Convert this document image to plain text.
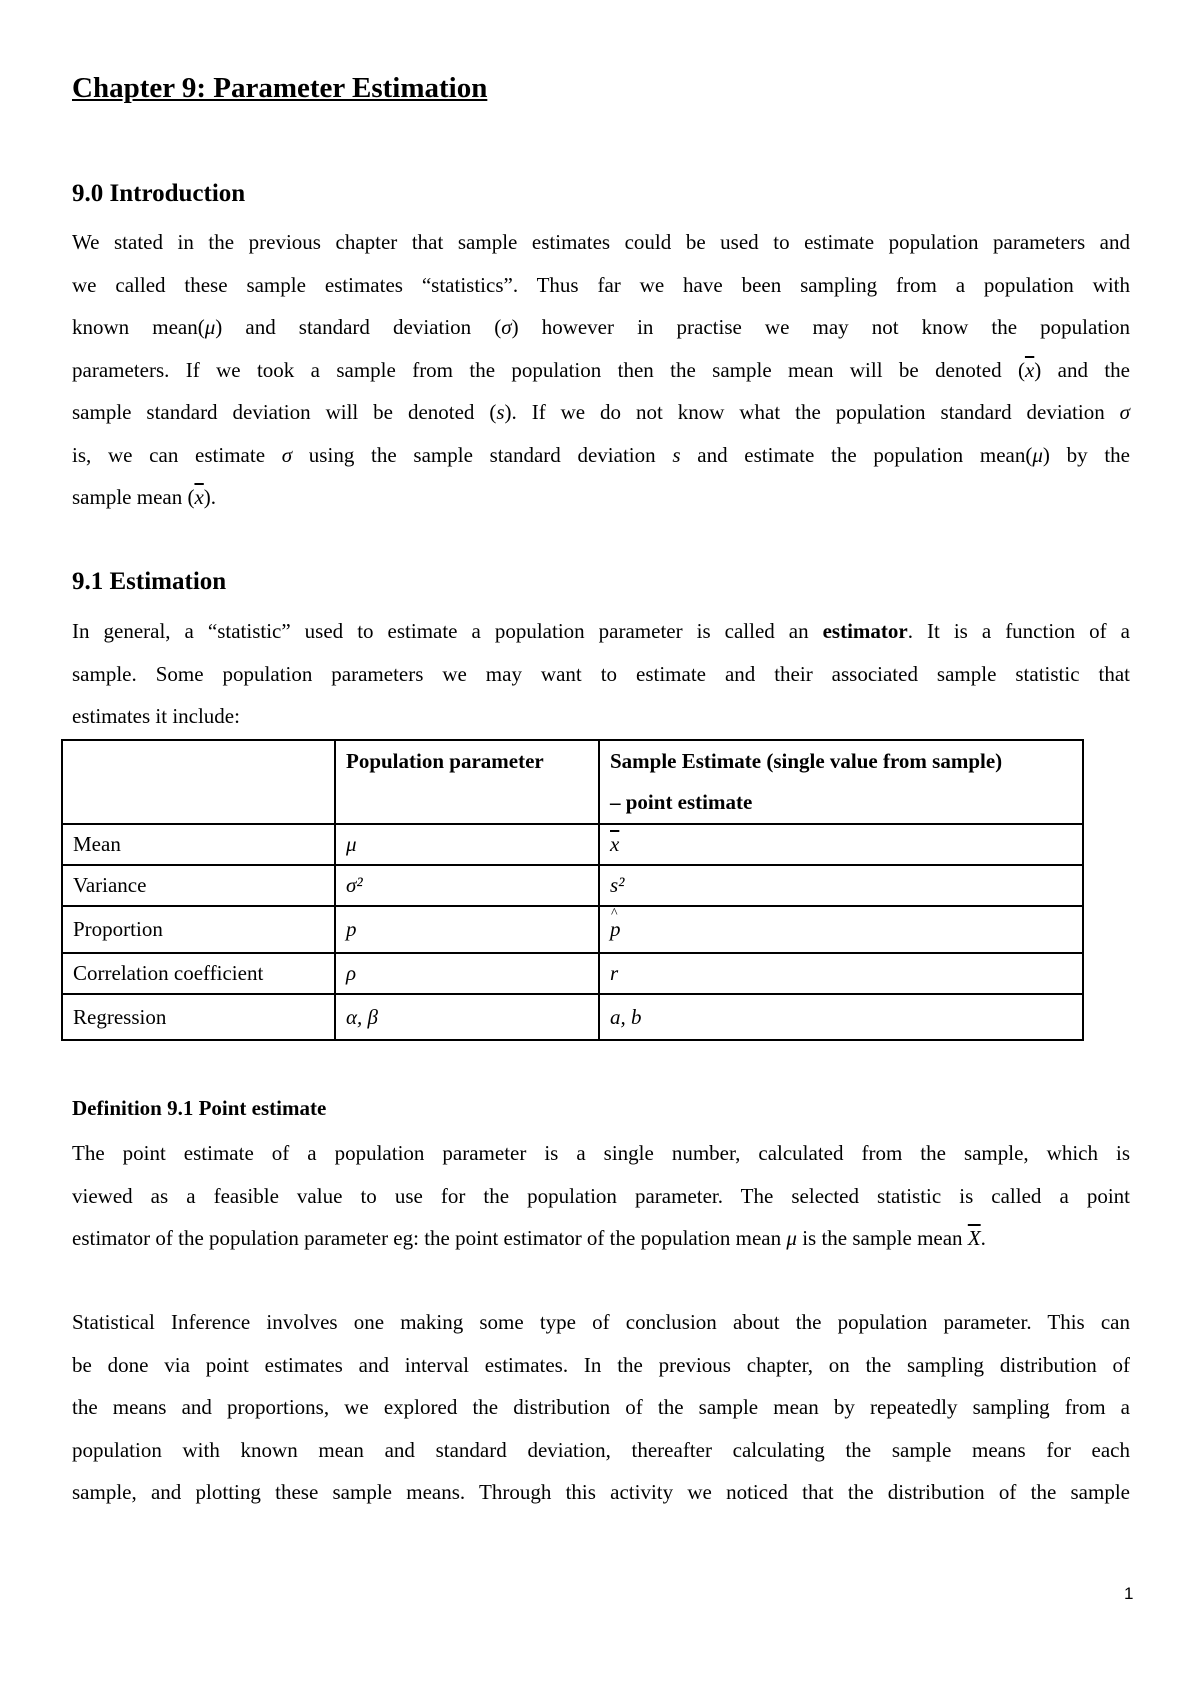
Chapter 9: Parameter Estimation
9.0 Introduction

We stated in the previous chapter that sample estimates could be used to estimate population parameters and
we called these sample estimates “statistics”. Thus far we have been sampling from a population with
known mean(μ) and standard deviation (σ) however in practise we may not know the population
parameters. If we took a sample from the population then the sample mean will be denoted $(\overline{x})$ and the
sample standard deviation will be denoted (s). If we do not know what the population standard deviation σ
is, we can estimate σ using the sample standard deviation s and estimate the population mean(μ) by the
sample mean $(\overline{x})$.

9.1 Estimation

In general, a “statistic” used to estimate a population parameter is called an estimator. It is a function of a
sample. Some population parameters we may want to estimate and their associated sample statistic that
estimates it include:

	Population parameter	Sample Estimate (single value from sample)
– point estimate

Mean	μ	$\overline{x}$
Variance	σ²	s²
Proportion	p	^ p
Correlation coefficient	ρ	r
Regression	α, β	a, b
Definition 9.1 Point estimate

The point estimate of a population parameter is a single number, calculated from the sample, which is
viewed as a feasible value to use for the population parameter. The selected statistic is called a point
estimator of the population parameter eg: the point estimator of the population mean μ is the sample mean $\overline{X}$.

Statistical Inference involves one making some type of conclusion about the population parameter. This can
be done via point estimates and interval estimates. In the previous chapter, on the sampling distribution of
the means and proportions, we explored the distribution of the sample mean by repeatedly sampling from a
population with known mean and standard deviation, thereafter calculating the sample means for each
sample, and plotting these sample means. Through this activity we noticed that the distribution of the sample

1
